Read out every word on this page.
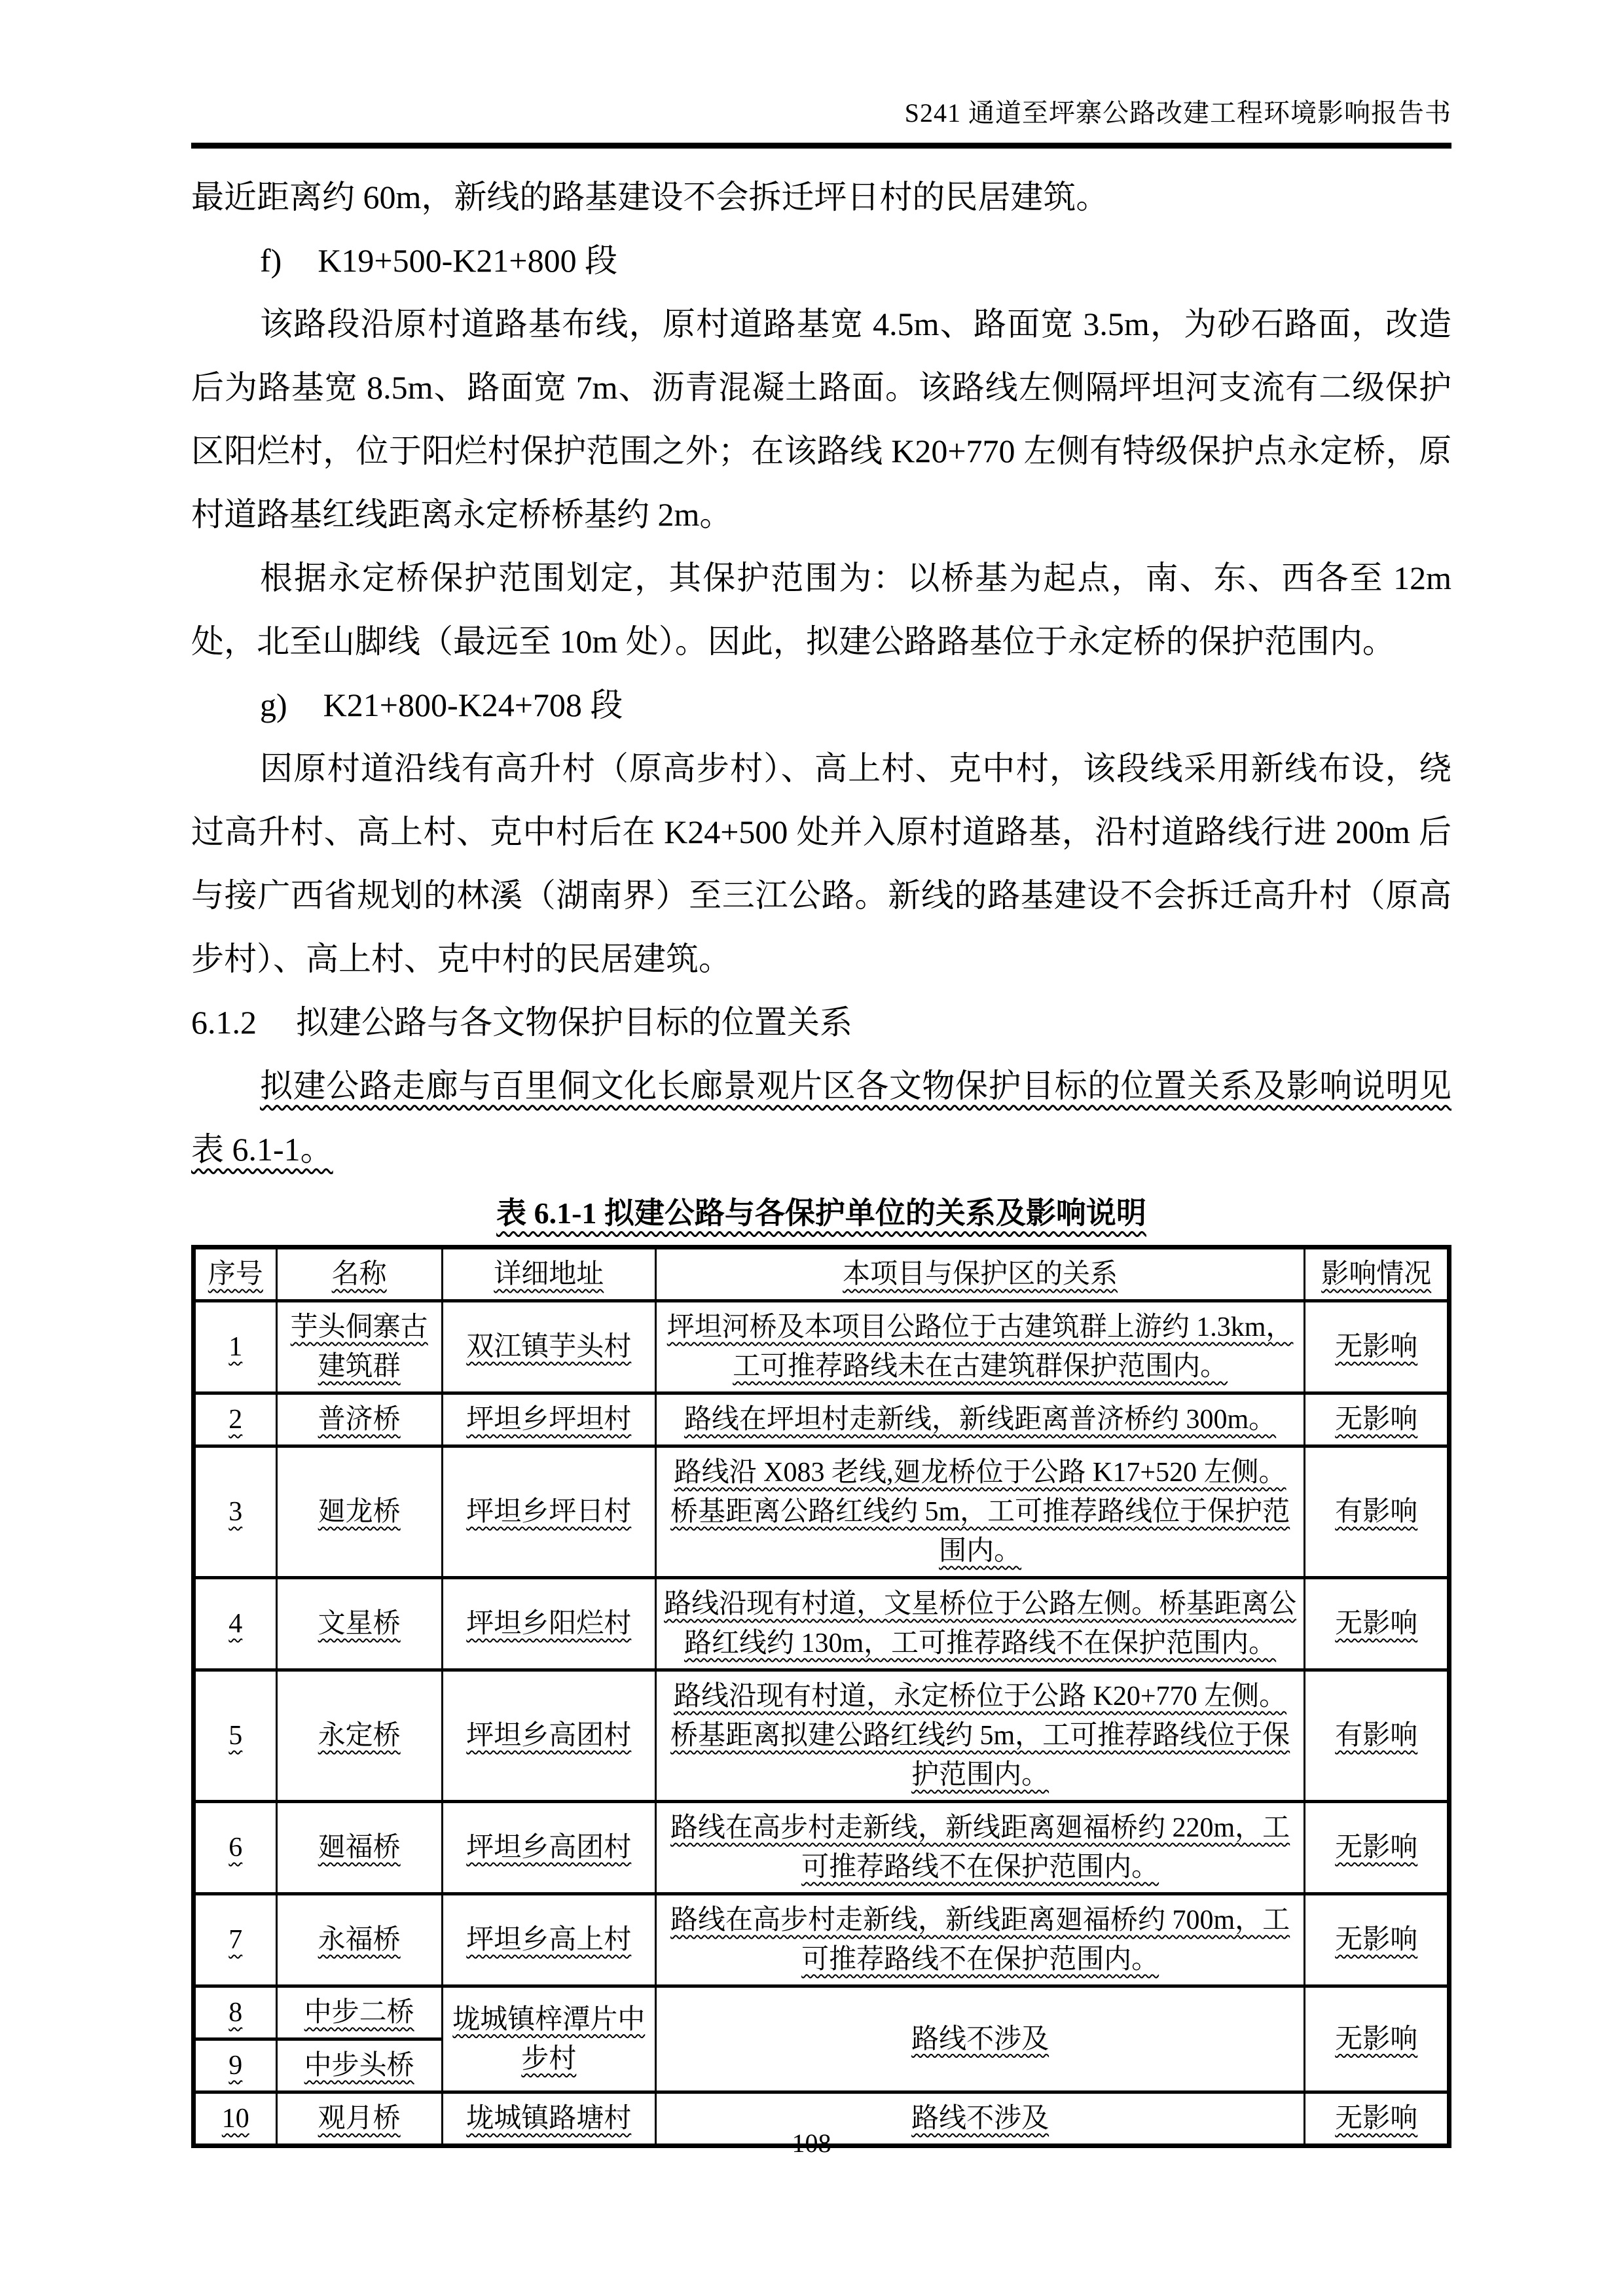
S241 通道至坪寨公路改建工程环境影响报告书

最近距离约 60m，新线的路基建设不会拆迁坪日村的民居建筑。

f) K19+500-K21+800 段

该路段沿原村道路基布线，原村道路基宽 4.5m、路面宽 3.5m，为砂石路面，改造后为路基宽 8.5m、路面宽 7m、沥青混凝土路面。该路线左侧隔坪坦河支流有二级保护区阳烂村，位于阳烂村保护范围之外；在该路线 K20+770 左侧有特级保护点永定桥，原村道路基红线距离永定桥桥基约 2m。

根据永定桥保护范围划定，其保护范围为：以桥基为起点，南、东、西各至 12m 处，北至山脚线（最远至 10m 处）。因此，拟建公路路基位于永定桥的保护范围内。

g) K21+800-K24+708 段

因原村道沿线有高升村（原高步村）、高上村、克中村，该段线采用新线布设，绕过高升村、高上村、克中村后在 K24+500 处并入原村道路基，沿村道路线行进 200m 后与接广西省规划的林溪（湖南界）至三江公路。新线的路基建设不会拆迁高升村（原高步村）、高上村、克中村的民居建筑。

6.1.2 拟建公路与各文物保护目标的位置关系

拟建公路走廊与百里侗文化长廊景观片区各文物保护目标的位置关系及影响说明见表 6.1-1。

表 6.1-1 拟建公路与各保护单位的关系及影响说明

序号	名称	详细地址	本项目与保护区的关系	影响情况
1	芋头侗寨古建筑群	双江镇芋头村	坪坦河桥及本项目公路位于古建筑群上游约 1.3km，工可推荐路线未在古建筑群保护范围内。	无影响
2	普济桥	坪坦乡坪坦村	路线在坪坦村走新线，新线距离普济桥约 300m。	无影响
3	廻龙桥	坪坦乡坪日村	路线沿 X083 老线,廻龙桥位于公路 K17+520 左侧。桥基距离公路红线约 5m，工可推荐路线位于保护范围内。	有影响
4	文星桥	坪坦乡阳烂村	路线沿现有村道，文星桥位于公路左侧。桥基距离公路红线约 130m，工可推荐路线不在保护范围内。	无影响
5	永定桥	坪坦乡高团村	路线沿现有村道，永定桥位于公路 K20+770 左侧。桥基距离拟建公路红线约 5m，工可推荐路线位于保护范围内。	有影响
6	廻福桥	坪坦乡高团村	路线在高步村走新线，新线距离廻福桥约 220m，工可推荐路线不在保护范围内。	无影响
7	永福桥	坪坦乡高上村	路线在高步村走新线，新线距离廻福桥约 700m，工可推荐路线不在保护范围内。	无影响
8	中步二桥	垅城镇梓潭片中步村	路线不涉及	无影响
9	中步头桥			
10	观月桥	垅城镇路塘村	路线不涉及	无影响
108
